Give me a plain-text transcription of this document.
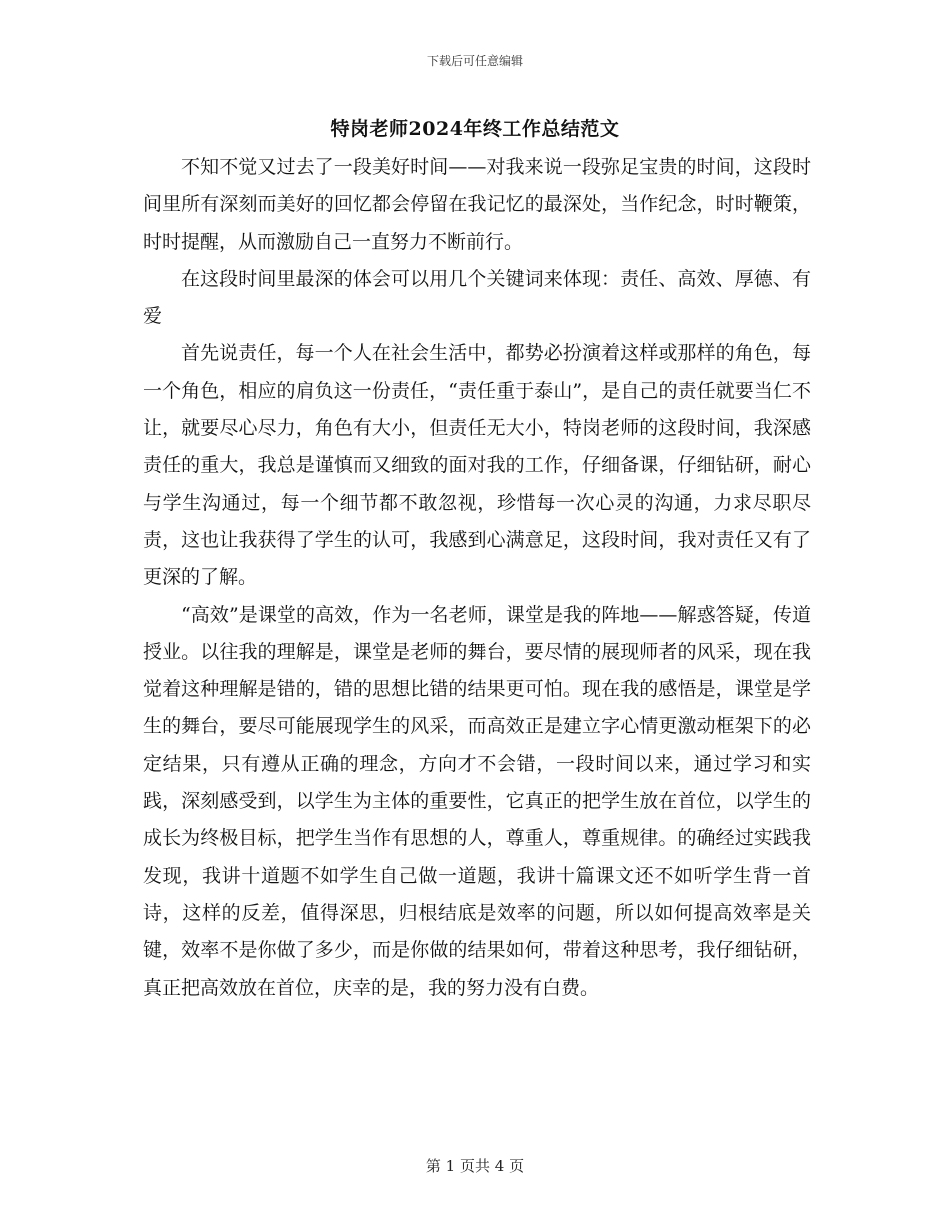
下载后可任意编辑
特岗老师2024年终工作总结范文

不知不觉又过去了一段美好时间——对我来说一段弥足宝贵的时间，这段时间里所有深刻而美好的回忆都会停留在我记忆的最深处，当作纪念，时时鞭策，时时提醒，从而激励自己一直努力不断前行。

在这段时间里最深的体会可以用几个关键词来体现：责任、高效、厚德、有爱

首先说责任，每一个人在社会生活中，都势必扮演着这样或那样的角色，每一个角色，相应的肩负这一份责任，“责任重于泰山”，是自己的责任就要当仁不让，就要尽心尽力，角色有大小，但责任无大小，特岗老师的这段时间，我深感责任的重大，我总是谨慎而又细致的面对我的工作，仔细备课，仔细钻研，耐心与学生沟通过，每一个细节都不敢忽视，珍惜每一次心灵的沟通，力求尽职尽责，这也让我获得了学生的认可，我感到心满意足，这段时间，我对责任又有了更深的了解。

“高效”是课堂的高效，作为一名老师，课堂是我的阵地——解惑答疑，传道授业。以往我的理解是，课堂是老师的舞台，要尽情的展现师者的风采，现在我觉着这种理解是错的，错的思想比错的结果更可怕。现在我的感悟是，课堂是学生的舞台，要尽可能展现学生的风采，而高效正是建立字心情更激动框架下的必定结果，只有遵从正确的理念，方向才不会错，一段时间以来，通过学习和实践，深刻感受到，以学生为主体的重要性，它真正的把学生放在首位，以学生的成长为终极目标，把学生当作有思想的人，尊重人，尊重规律。的确经过实践我发现，我讲十道题不如学生自己做一道题，我讲十篇课文还不如听学生背一首诗，这样的反差，值得深思，归根结底是效率的问题，所以如何提高效率是关键，效率不是你做了多少，而是你做的结果如何，带着这种思考，我仔细钻研，真正把高效放在首位，庆幸的是，我的努力没有白费。

第 1 页共 4 页
